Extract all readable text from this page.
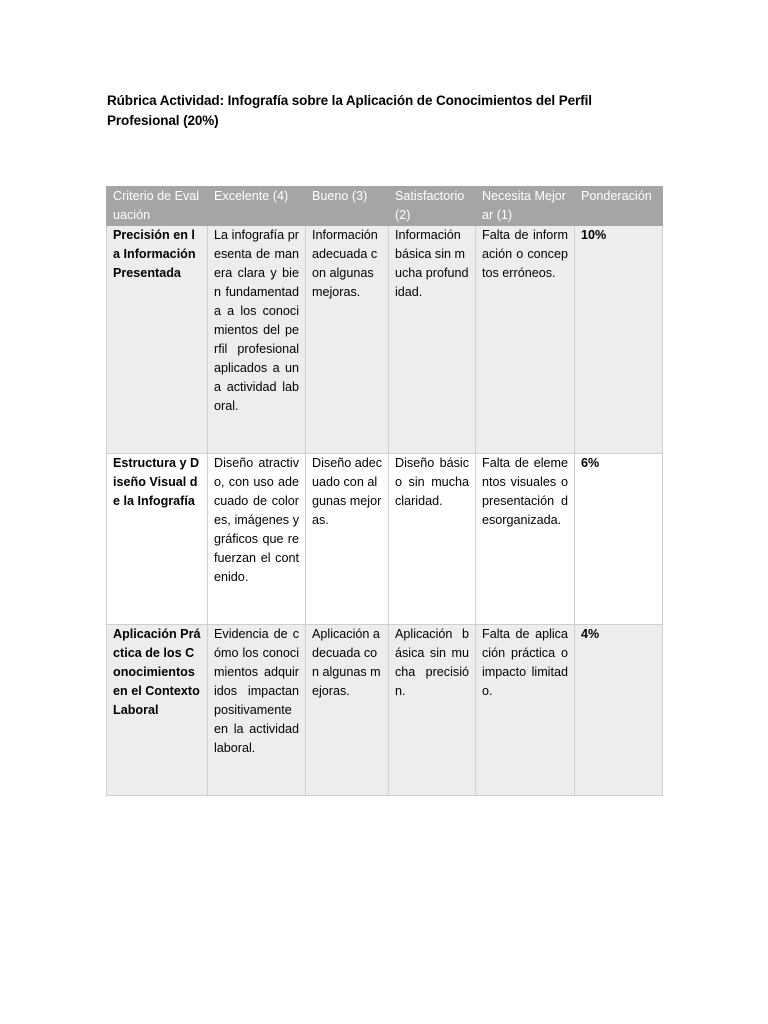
Rúbrica Actividad: Infografía sobre la Aplicación de Conocimientos del Perfil Profesional (20%)
Criterio de Evaluación	Excelente (4)	Bueno (3)	Satisfactorio (2)	Necesita Mejorar (1)	Ponderación
Precisión en la Información Presentada	La infografía presenta de manera clara y bien fundamentada a los conocimientos del perfil profesional aplicados a una actividad laboral.	Información adecuada con algunas mejoras.	Información básica sin mucha profundidad.	Falta de información o conceptos erróneos.	10%
Estructura y Diseño Visual de la Infografía	Diseño atractivo, con uso adecuado de colores, imágenes y gráficos que refuerzan el contenido.	Diseño adecuado con algunas mejoras.	Diseño básico sin mucha claridad.	Falta de elementos visuales o presentación desorganizada.	6%
Aplicación Práctica de los Conocimientos en el Contexto Laboral	Evidencia de cómo los conocimientos adquiridos impactan positivamente en la actividad laboral.	Aplicación adecuada con algunas mejoras.	Aplicación básica sin mucha precisión.	Falta de aplicación práctica o impacto limitado.	4%
